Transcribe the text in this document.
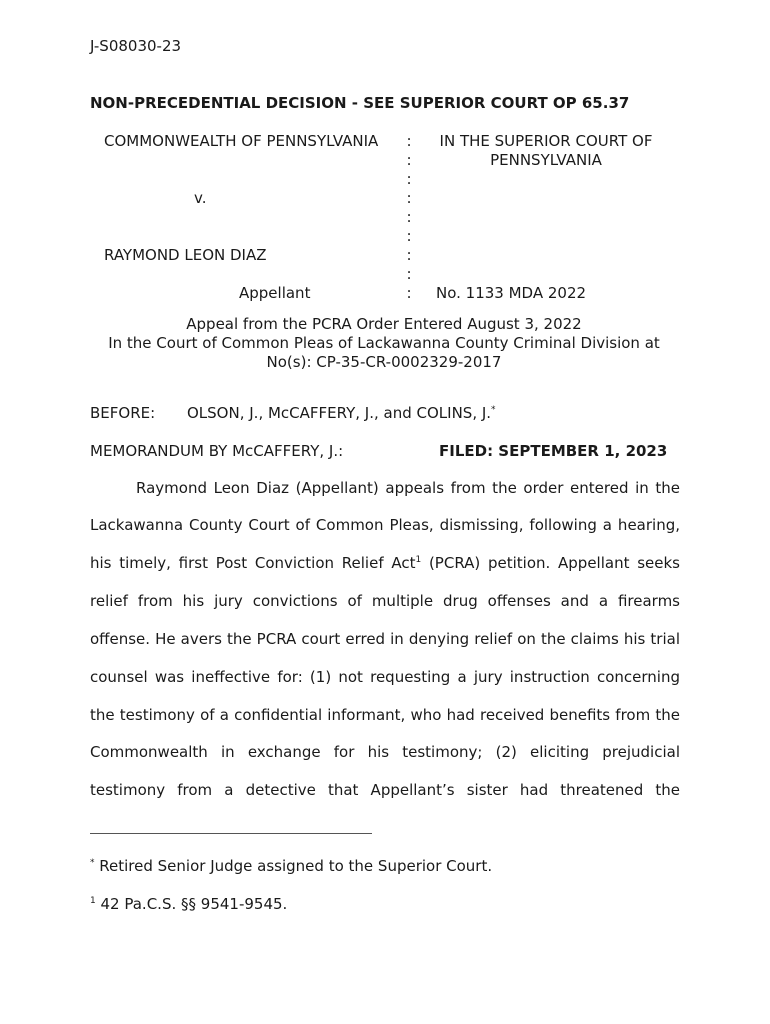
J-S08030-23
NON-PRECEDENTIAL DECISION - SEE SUPERIOR COURT OP 65.37
COMMONWEALTH OF PENNSYLVANIA
v.
RAYMOND LEON DIAZ
Appellant
:
:
:
:
:
:
:
:
:
IN THE SUPERIOR COURT OF
PENNSYLVANIA
No. 1133 MDA 2022
Appeal from the PCRA Order Entered August 3, 2022
In the Court of Common Pleas of Lackawanna County Criminal Division at
No(s): CP-35-CR-0002329-2017
BEFORE: OLSON, J., McCAFFERY, J., and COLINS, J.*
MEMORANDUM BY McCAFFERY, J.:	FILED: SEPTEMBER 1, 2023
Raymond Leon Diaz (Appellant) appeals from the order entered in the
Lackawanna County Court of Common Pleas, dismissing, following a hearing,
his timely, first Post Conviction Relief Act$^1$ (PCRA) petition. Appellant seeks
relief from his jury convictions of multiple drug offenses and a firearms
offense. He avers the PCRA court erred in denying relief on the claims his trial
counsel was ineffective for: (1) not requesting a jury instruction concerning
the testimony of a confidential informant, who had received benefits from the
Commonwealth in exchange for his testimony; (2) eliciting prejudicial
testimony from a detective that Appellant’s sister had threatened the
* Retired Senior Judge assigned to the Superior Court.
$^1$ 42 Pa.C.S. §§ 9541-9545.
